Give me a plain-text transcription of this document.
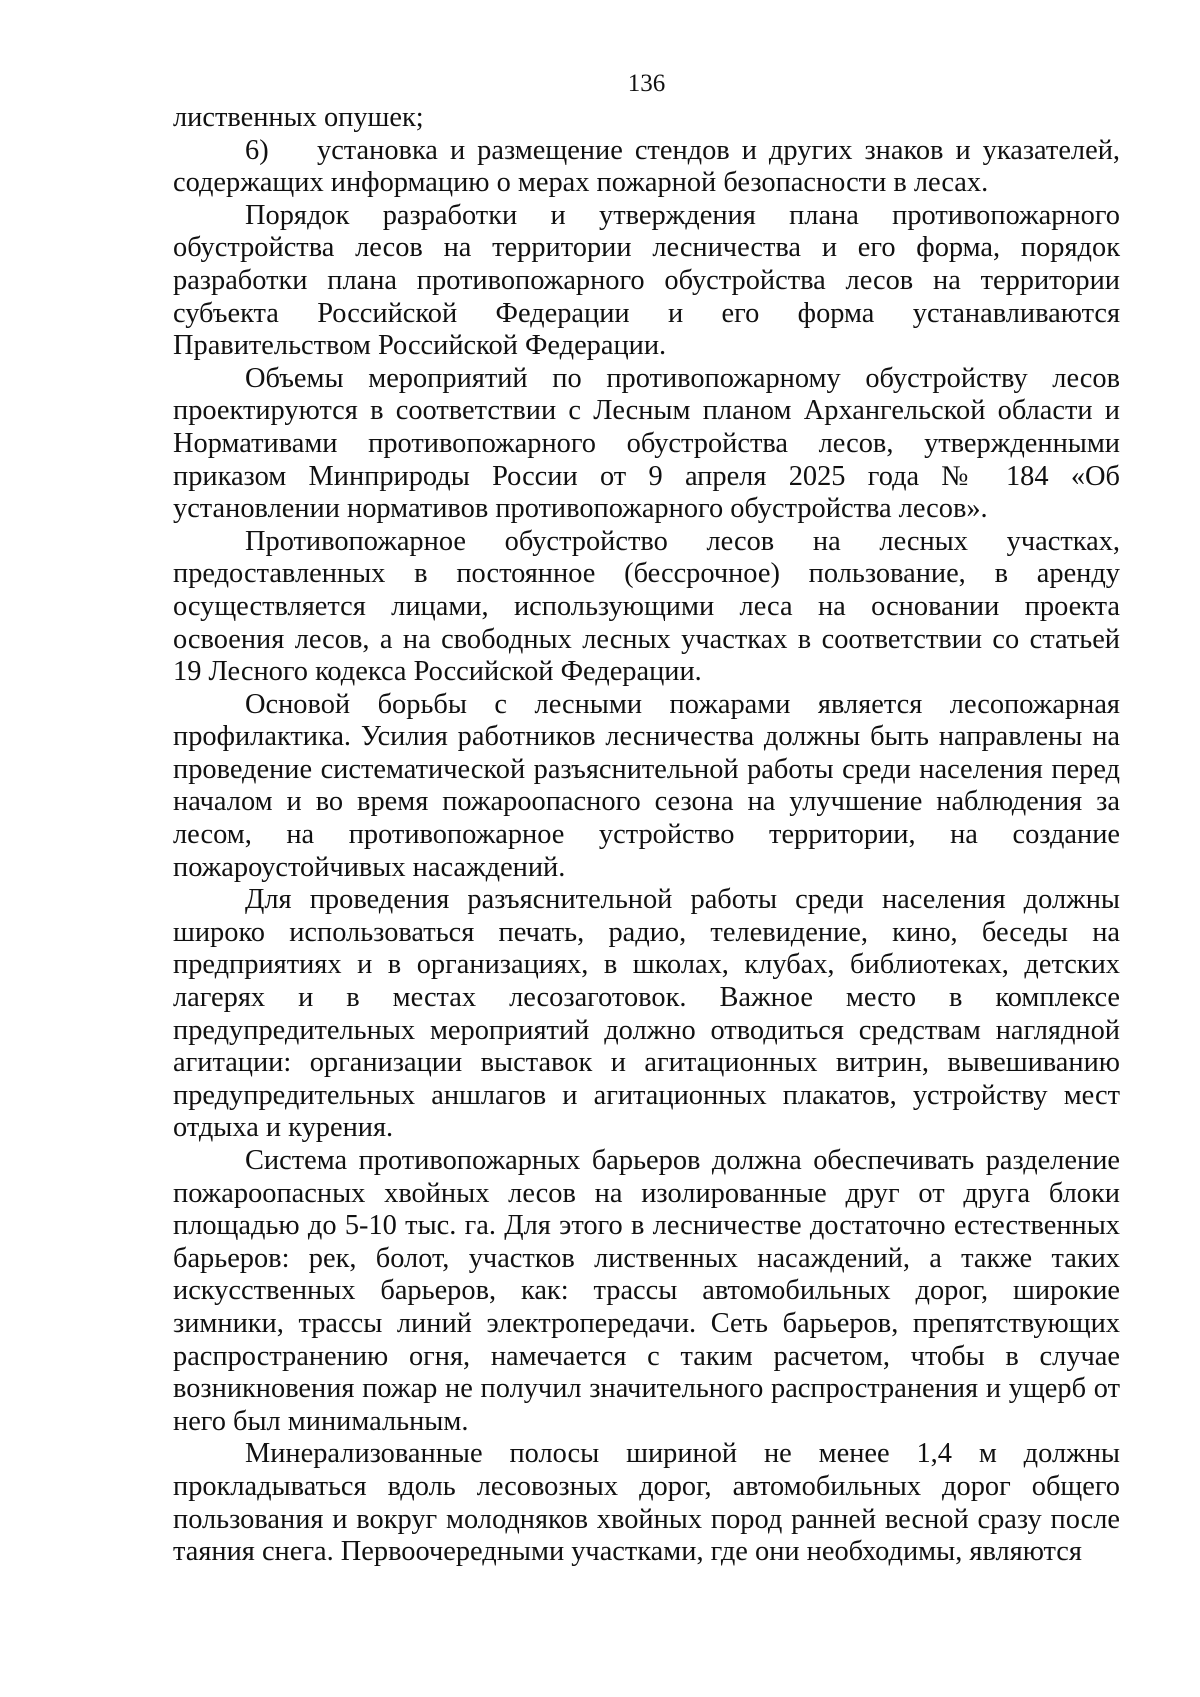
136

лиственных опушек;

6) установка и размещение стендов и других знаков и указателей, содержащих информацию о мерах пожарной безопасности в лесах.

Порядок разработки и утверждения плана противопожарного обустройства лесов на территории лесничества и его форма, порядок разработки плана противопожарного обустройства лесов на территории субъекта Российской Федерации и его форма устанавливаются Правительством Российской Федерации.

Объемы мероприятий по противопожарному обустройству лесов проектируются в соответствии с Лесным планом Архангельской области и Нормативами противопожарного обустройства лесов, утвержденными приказом Минприроды России от 9 апреля 2025 года № 184 «Об установлении нормативов противопожарного обустройства лесов».

Противопожарное обустройство лесов на лесных участках, предоставленных в постоянное (бессрочное) пользование, в аренду осуществляется лицами, использующими леса на основании проекта освоения лесов, а на свободных лесных участках в соответствии со статьей 19 Лесного кодекса Российской Федерации.

Основой борьбы с лесными пожарами является лесопожарная профилактика. Усилия работников лесничества должны быть направлены на проведение систематической разъяснительной работы среди населения перед началом и во время пожароопасного сезона на улучшение наблюдения за лесом, на противопожарное устройство территории, на создание пожароустойчивых насаждений.

Для проведения разъяснительной работы среди населения должны широко использоваться печать, радио, телевидение, кино, беседы на предприятиях и в организациях, в школах, клубах, библиотеках, детских лагерях и в местах лесозаготовок. Важное место в комплексе предупредительных мероприятий должно отводиться средствам наглядной агитации: организации выставок и агитационных витрин, вывешиванию предупредительных аншлагов и агитационных плакатов, устройству мест отдыха и курения.

Система противопожарных барьеров должна обеспечивать разделение пожароопасных хвойных лесов на изолированные друг от друга блоки площадью до 5-10 тыс. га. Для этого в лесничестве достаточно естественных барьеров: рек, болот, участков лиственных насаждений, а также таких искусственных барьеров, как: трассы автомобильных дорог, широкие зимники, трассы линий электропередачи. Сеть барьеров, препятствующих распространению огня, намечается с таким расчетом, чтобы в случае возникновения пожар не получил значительного распространения и ущерб от него был минимальным.

Минерализованные полосы шириной не менее 1,4 м должны прокладываться вдоль лесовозных дорог, автомобильных дорог общего пользования и вокруг молодняков хвойных пород ранней весной сразу после таяния снега. Первоочередными участками, где они необходимы, являются
